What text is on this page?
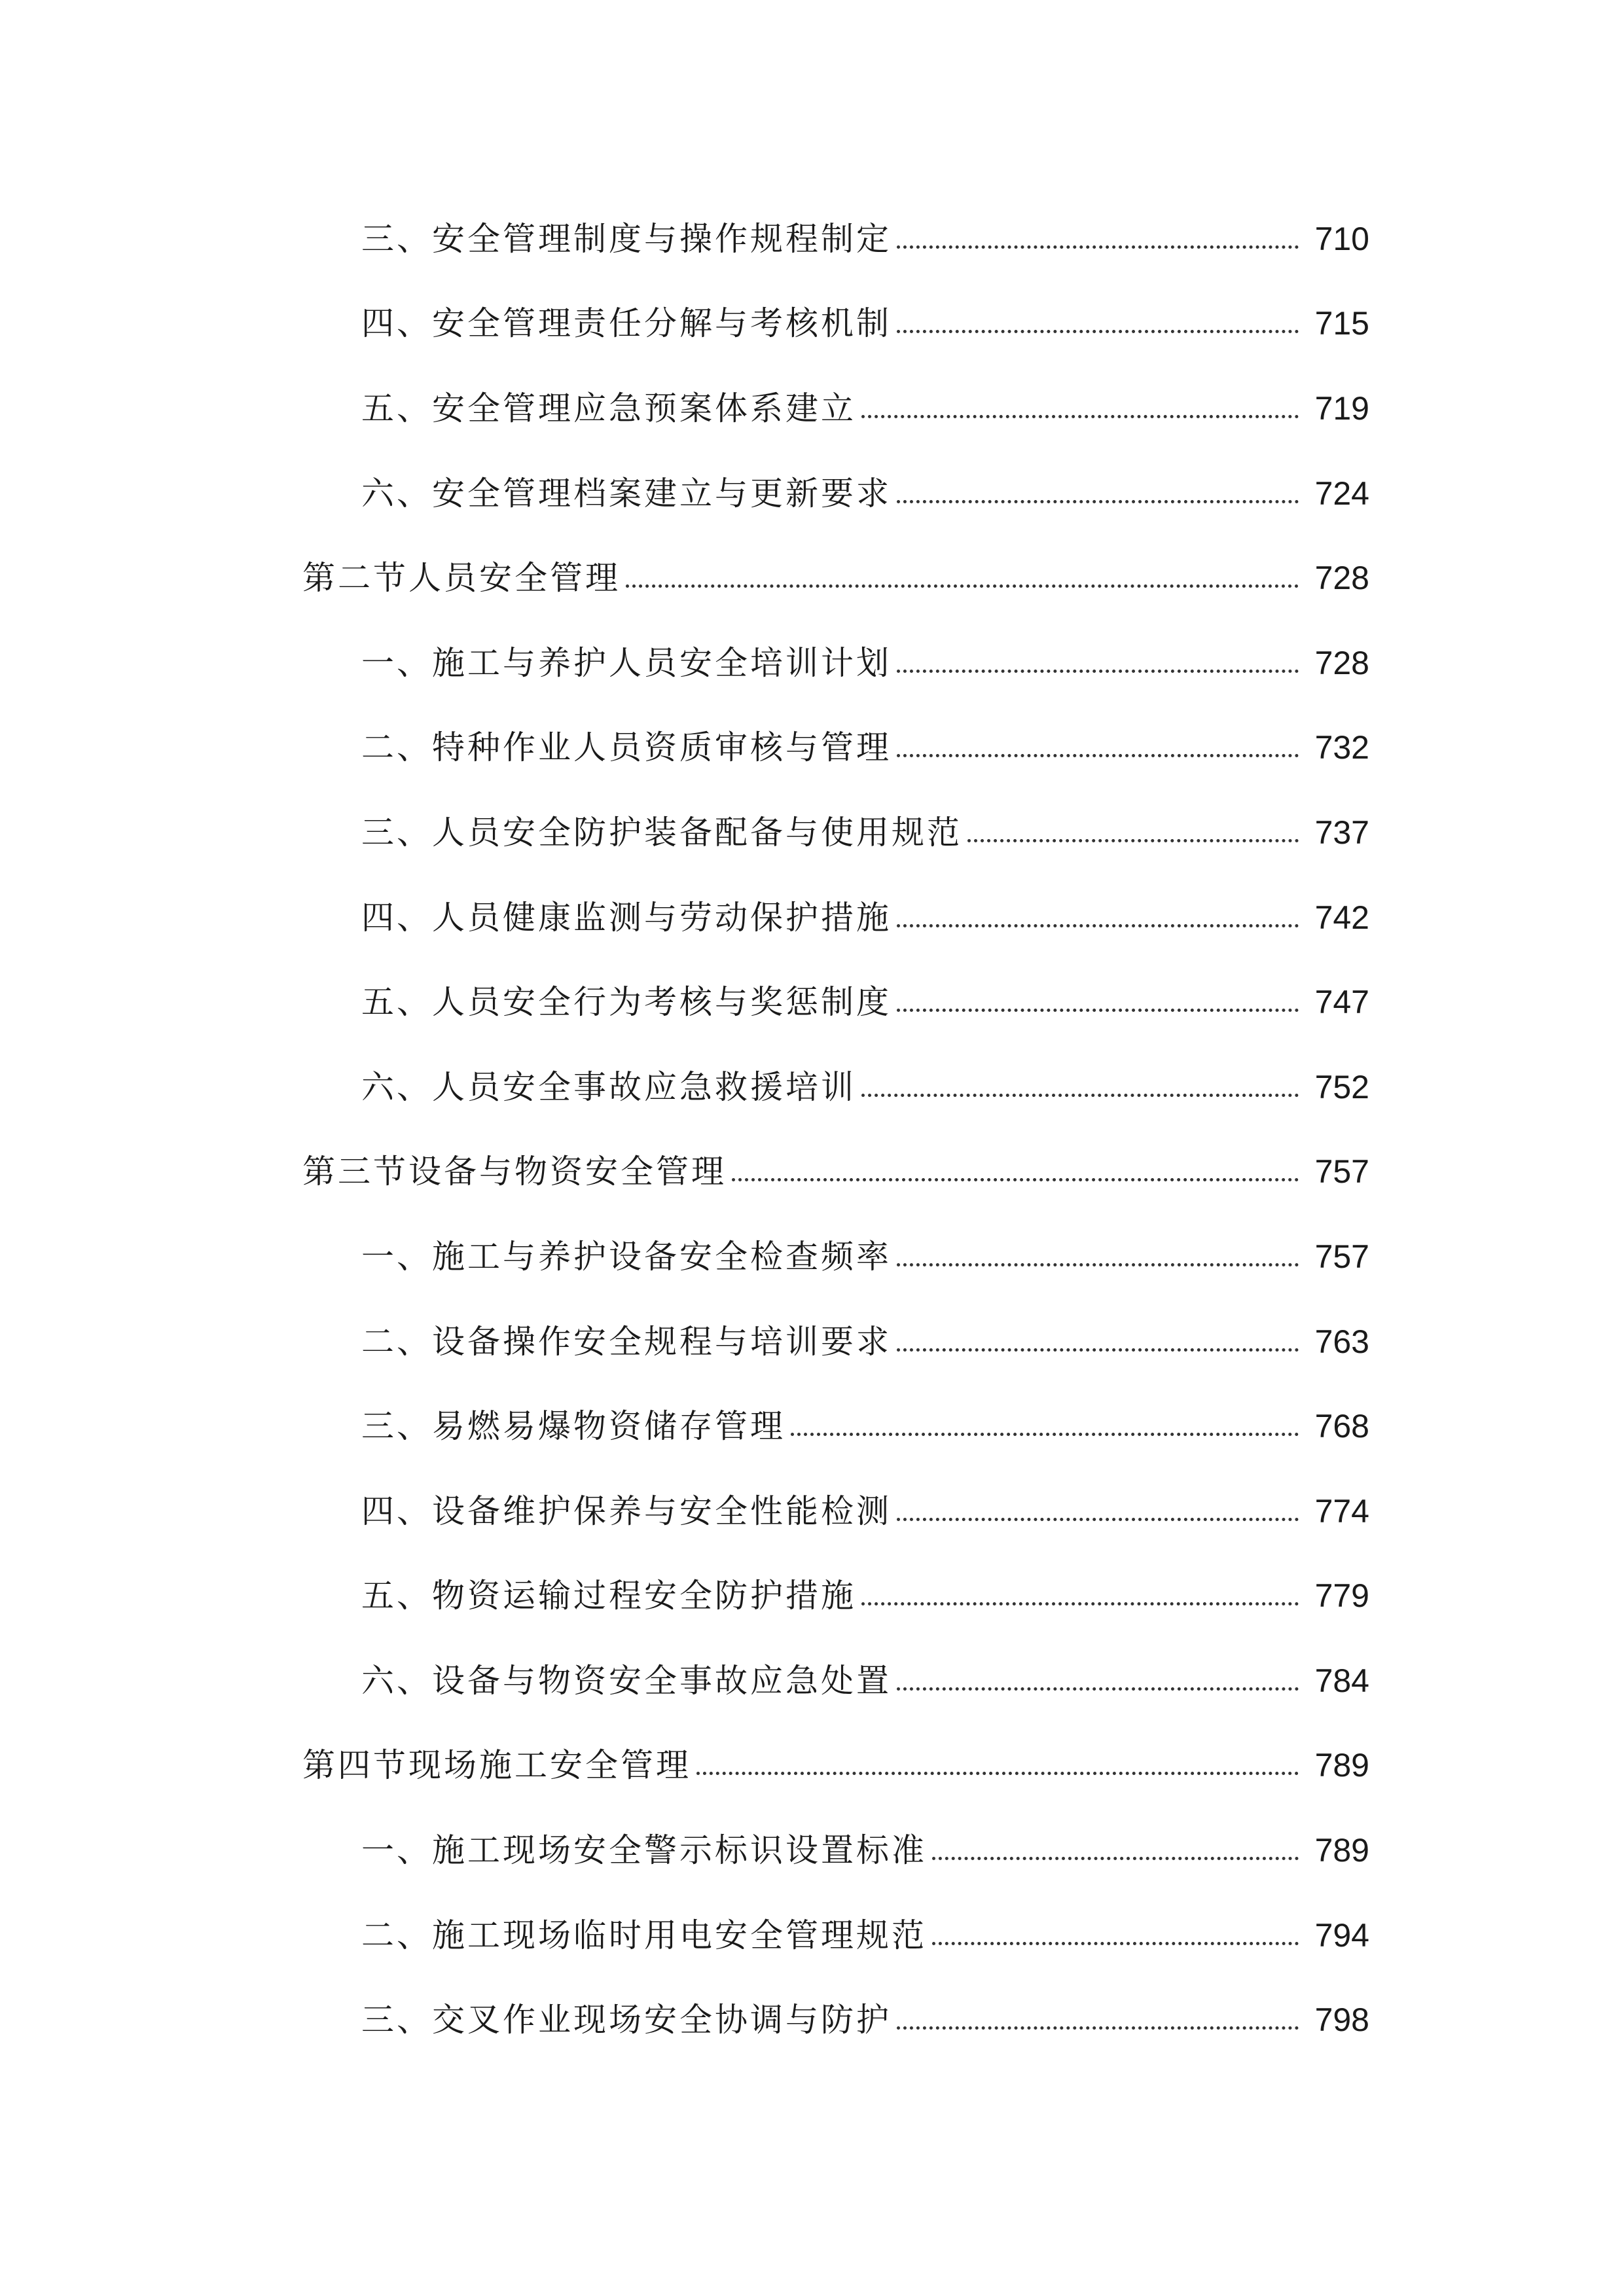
三、安全管理制度与操作规程制定	710
四、安全管理责任分解与考核机制	715
五、安全管理应急预案体系建立	719
六、安全管理档案建立与更新要求	724
第二节人员安全管理	728
一、施工与养护人员安全培训计划	728
二、特种作业人员资质审核与管理	732
三、人员安全防护装备配备与使用规范	737
四、人员健康监测与劳动保护措施	742
五、人员安全行为考核与奖惩制度	747
六、人员安全事故应急救援培训	752
第三节设备与物资安全管理	757
一、施工与养护设备安全检查频率	757
二、设备操作安全规程与培训要求	763
三、易燃易爆物资储存管理	768
四、设备维护保养与安全性能检测	774
五、物资运输过程安全防护措施	779
六、设备与物资安全事故应急处置	784
第四节现场施工安全管理	789
一、施工现场安全警示标识设置标准	789
二、施工现场临时用电安全管理规范	794
三、交叉作业现场安全协调与防护	798
